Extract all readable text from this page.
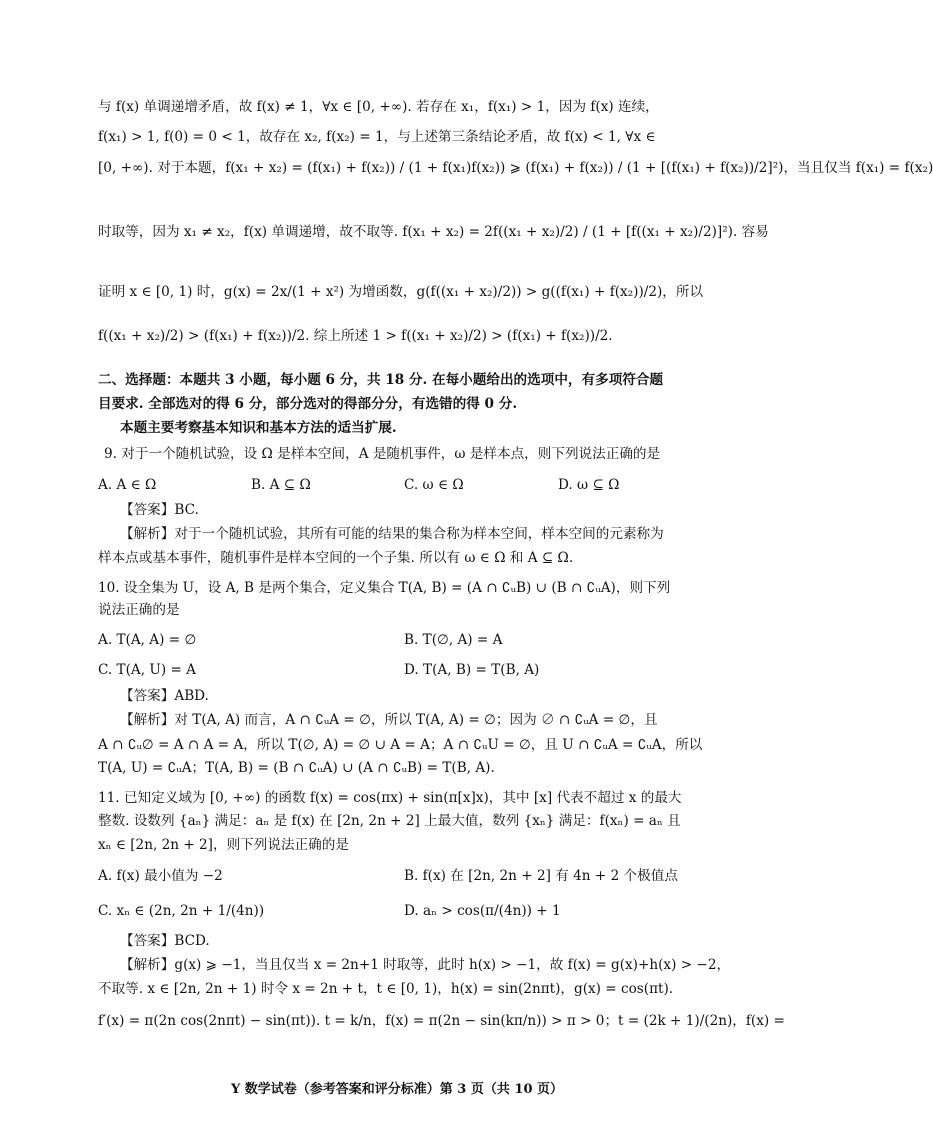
与 f(x) 单调递增矛盾，故 f(x) ≠ 1，∀x ∈ [0, +∞). 若存在 x₁，f(x₁) > 1，因为 f(x) 连续，
f(x₁) > 1, f(0) = 0 < 1，故存在 x₂, f(x₂) = 1，与上述第三条结论矛盾，故 f(x) < 1, ∀x ∈
[0, +∞). 对于本题，f(x₁ + x₂) = (f(x₁) + f(x₂)) / (1 + f(x₁)f(x₂)) ⩾ (f(x₁) + f(x₂)) / (1 + [(f(x₁) + f(x₂))/2]²)，当且仅当 f(x₁) = f(x₂)
时取等，因为 x₁ ≠ x₂，f(x) 单调递增，故不取等. f(x₁ + x₂) = 2f((x₁ + x₂)/2) / (1 + [f((x₁ + x₂)/2)]²). 容易
证明 x ∈ [0, 1) 时，g(x) = 2x/(1 + x²) 为增函数，g(f((x₁ + x₂)/2)) > g((f(x₁) + f(x₂))/2)，所以
f((x₁ + x₂)/2) > (f(x₁) + f(x₂))/2. 综上所述 1 > f((x₁ + x₂)/2) > (f(x₁) + f(x₂))/2.
二、选择题：本题共 3 小题，每小题 6 分，共 18 分. 在每小题给出的选项中，有多项符合题
目要求. 全部选对的得 6 分，部分选对的得部分分，有选错的得 0 分.
本题主要考察基本知识和基本方法的适当扩展.
9. 对于一个随机试验，设 Ω 是样本空间，A 是随机事件，ω 是样本点，则下列说法正确的是
A. A ∈ Ω	B. A ⊆ Ω	C. ω ∈ Ω	D. ω ⊆ Ω
【答案】BC.
【解析】对于一个随机试验，其所有可能的结果的集合称为样本空间，样本空间的元素称为
样本点或基本事件，随机事件是样本空间的一个子集. 所以有 ω ∈ Ω 和 A ⊆ Ω.
10. 设全集为 U，设 A, B 是两个集合，定义集合 T(A, B) = (A ∩ ∁ᵤB) ∪ (B ∩ ∁ᵤA)，则下列
说法正确的是
A. T(A, A) = ∅	B. T(∅, A) = A
C. T(A, U) = A	D. T(A, B) = T(B, A)
【答案】ABD.
【解析】对 T(A, A) 而言，A ∩ ∁ᵤA = ∅，所以 T(A, A) = ∅；因为 ∅ ∩ ∁ᵤA = ∅，且
A ∩ ∁ᵤ∅ = A ∩ A = A，所以 T(∅, A) = ∅ ∪ A = A；A ∩ ∁ᵤU = ∅，且 U ∩ ∁ᵤA = ∁ᵤA，所以
T(A, U) = ∁ᵤA；T(A, B) = (B ∩ ∁ᵤA) ∪ (A ∩ ∁ᵤB) = T(B, A).
11. 已知定义域为 [0, +∞) 的函数 f(x) = cos(πx) + sin(π[x]x)，其中 [x] 代表不超过 x 的最大
整数. 设数列 {aₙ} 满足：aₙ 是 f(x) 在 [2n, 2n + 2] 上最大值，数列 {xₙ} 满足：f(xₙ) = aₙ 且
xₙ ∈ [2n, 2n + 2]，则下列说法正确的是
A. f(x) 最小值为 −2	B. f(x) 在 [2n, 2n + 2] 有 4n + 2 个极值点
C. xₙ ∈ (2n, 2n + 1/(4n))	D. aₙ > cos(π/(4n)) + 1
【答案】BCD.
【解析】g(x) ⩾ −1，当且仅当 x = 2n+1 时取等，此时 h(x) > −1，故 f(x) = g(x)+h(x) > −2，
不取等. x ∈ [2n, 2n + 1) 时令 x = 2n + t，t ∈ [0, 1)，h(x) = sin(2nπt)，g(x) = cos(πt).
f′(x) = π(2n cos(2nπt) − sin(πt)). t = k/n，f(x) = π(2n − sin(kπ/n)) > π > 0；t = (2k + 1)/(2n)，f(x) =
Y 数学试卷（参考答案和评分标准）第 3 页（共 10 页）
